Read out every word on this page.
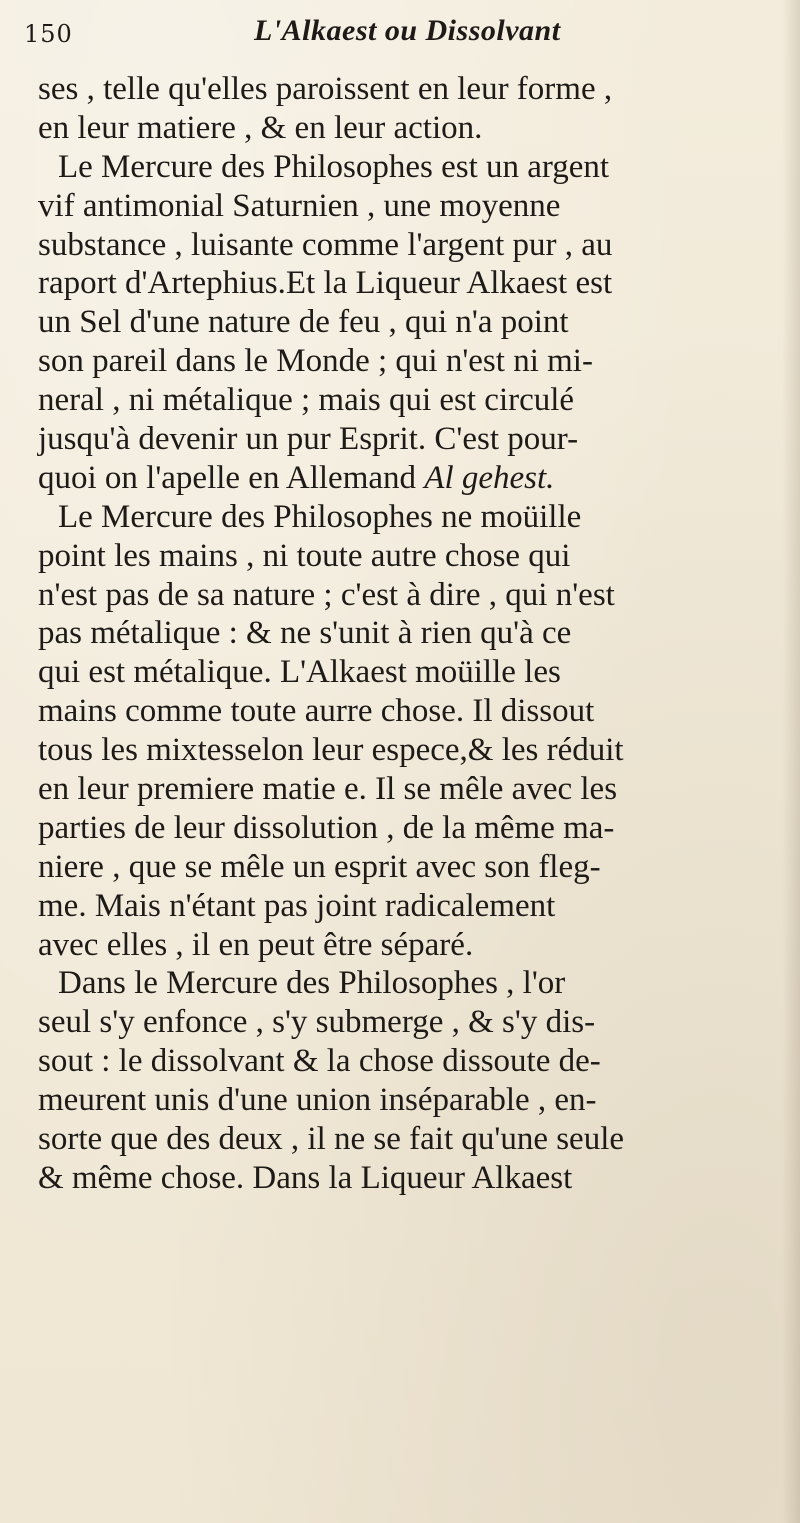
150	L'Alkaest ou Dissolvant
ses , telle qu'elles paroissent en leur forme ,
en leur matiere , & en leur action.
Le Mercure des Philosophes est un argent
vif antimonial Saturnien , une moyenne
substance , luisante comme l'argent pur , au
raport d'Artephius.Et la Liqueur Alkaest est
un Sel d'une nature de feu , qui n'a point
son pareil dans le Monde ; qui n'est ni mi-
neral , ni métalique ; mais qui est circulé
jusqu'à devenir un pur Esprit. C'est pour-
quoi on l'apelle en Allemand Al gehest.
Le Mercure des Philosophes ne moüille
point les mains , ni toute autre chose qui
n'est pas de sa nature ; c'est à dire , qui n'est
pas métalique : & ne s'unit à rien qu'à ce
qui est métalique. L'Alkaest moüille les
mains comme toute aurre chose. Il dissout
tous les mixtesselon leur espece,& les réduit
en leur premiere matie e. Il se mêle avec les
parties de leur dissolution , de la même ma-
niere , que se mêle un esprit avec son fleg-
me. Mais n'étant pas joint radicalement
avec elles , il en peut être séparé.
Dans le Mercure des Philosophes , l'or
seul s'y enfonce , s'y submerge , & s'y dis-
sout : le dissolvant & la chose dissoute de-
meurent unis d'une union inséparable , en-
sorte que des deux , il ne se fait qu'une seule
& même chose. Dans la Liqueur Alkaest
